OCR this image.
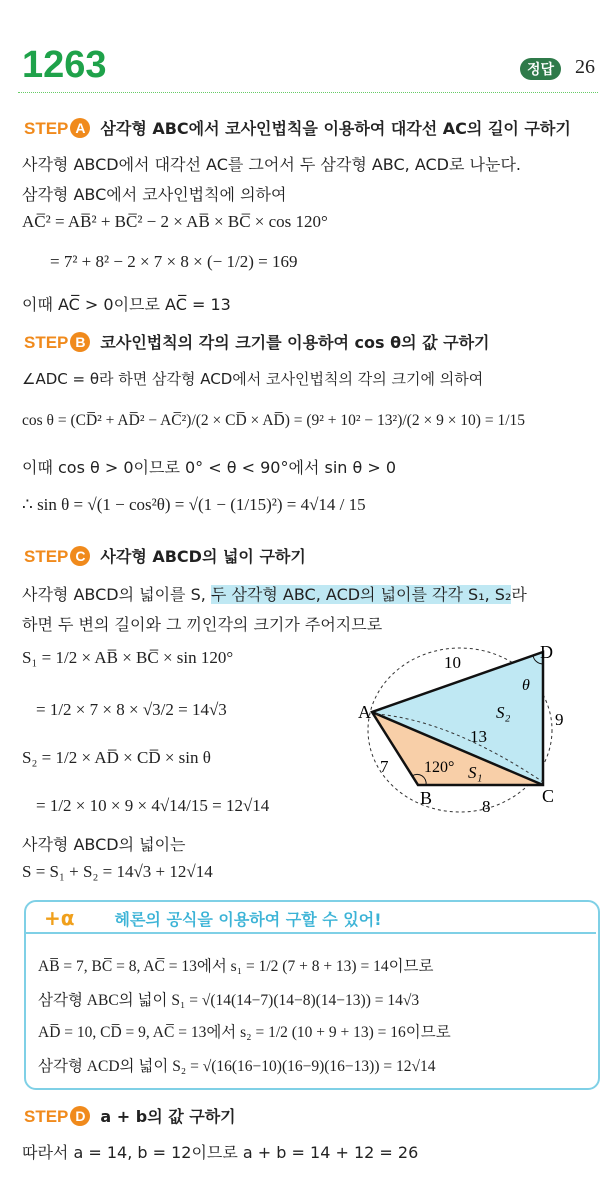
1263	정답	26
STEP A 삼각형 ABC에서 코사인법칙을 이용하여 대각선 AC의 길이 구하기
사각형 ABCD에서 대각선 AC를 그어서 두 삼각형 ABC, ACD로 나눈다.
삼각형 ABC에서 코사인법칙에 의하여
AC̅² = AB̅² + BC̅² − 2 × AB̅ × BC̅ × cos 120°
= 7² + 8² − 2 × 7 × 8 × (− 1/2) = 169
이때 AC̅ > 0이므로 AC̅ = 13
STEP B 코사인법칙의 각의 크기를 이용하여 cos θ의 값 구하기
∠ADC = θ라 하면 삼각형 ACD에서 코사인법칙의 각의 크기에 의하여
cos θ = (CD̅² + AD̅² − AC̅²)/(2 × CD̅ × AD̅) = (9² + 10² − 13²)/(2 × 9 × 10) = 1/15
이때 cos θ > 0이므로 0° < θ < 90°에서 sin θ > 0
∴ sin θ = √(1 − cos²θ) = √(1 − (1/15)²) = 4√14 / 15
STEP C 사각형 ABCD의 넓이 구하기
사각형 ABCD의 넓이를 S, 두 삼각형 ABC, ACD의 넓이를 각각 S₁, S₂라
하면 두 변의 길이와 그 끼인각의 크기가 주어지므로
S₁ = 1/2 × AB̅ × BC̅ × sin 120°
= 1/2 × 7 × 8 × √3/2 = 14√3
S₂ = 1/2 × AD̅ × CD̅ × sin θ
= 1/2 × 10 × 9 × 4√14/15 = 12√14
사각형 ABCD의 넓이는
S = S₁ + S₂ = 14√3 + 12√14
A
B	C
D
10
9
7
8
13
120°
θ
S₁
S₂
+α	헤론의 공식을 이용하여 구할 수 있어!
AB̅ = 7, BC̅ = 8, AC̅ = 13에서 s₁ = 1/2 (7 + 8 + 13) = 14이므로
삼각형 ABC의 넓이 S₁ = √(14(14−7)(14−8)(14−13)) = 14√3
AD̅ = 10, CD̅ = 9, AC̅ = 13에서 s₂ = 1/2 (10 + 9 + 13) = 16이므로
삼각형 ACD의 넓이 S₂ = √(16(16−10)(16−9)(16−13)) = 12√14
STEP D a + b의 값 구하기
따라서 a = 14, b = 12이므로 a + b = 14 + 12 = 26
